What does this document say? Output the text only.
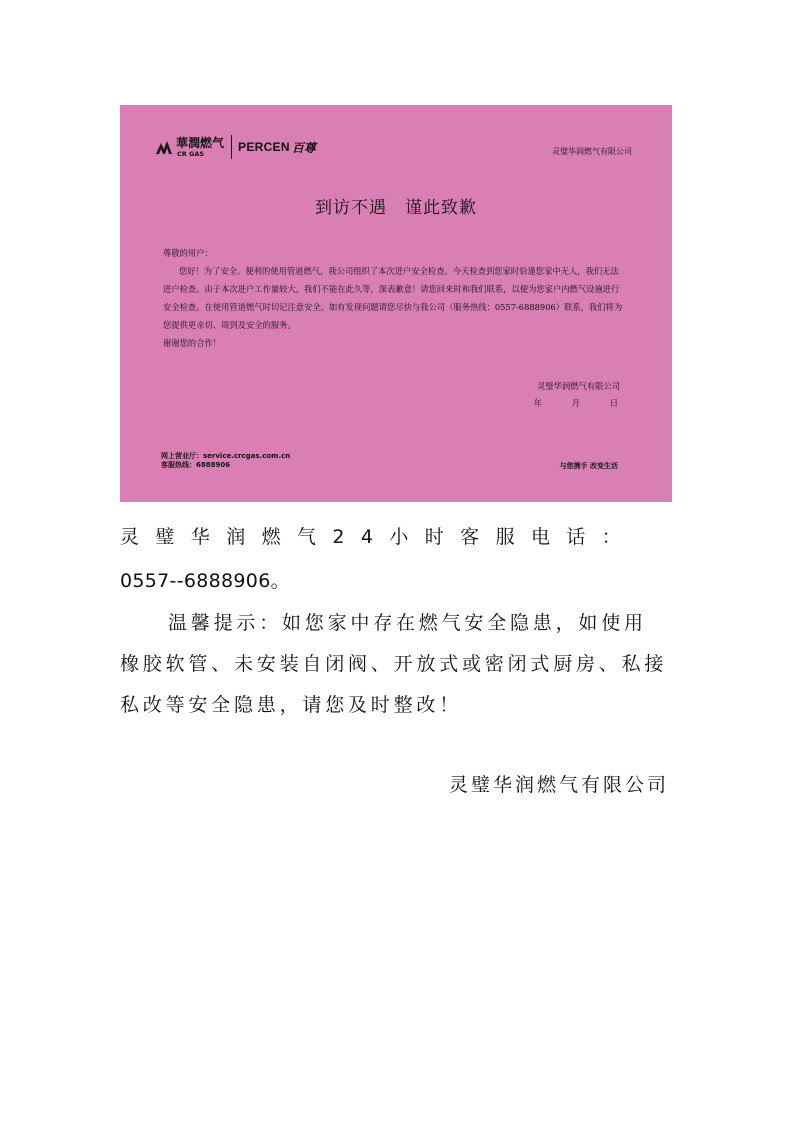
華潤燃气
CR GAS	PERCEN 百尊	灵璧华润燃气有限公司
到访不遇　谨此致歉

尊敬的用户：

您好！为了安全、便利的使用管道燃气，我公司组织了本次进户安全检查。今天检查到您家时恰逢您家中无人，我们无法进户检查。由于本次进户工作量较大，我们不能在此久等，深表歉意！请您回来时和我们联系，以便为您家户内燃气设施进行安全检查。在使用管道燃气时切记注意安全。如有发现问题请您尽快与我公司（服务热线：0557-6888906）联系，我们将为您提供更亲切、周到及安全的服务。

谢谢您的合作！

灵璧华润燃气有限公司
年	月	日
网上营业厅：service.crcgas.com.cn
客服热线：6888906	与您携手 改变生活
灵璧华润燃气24小时客服电话：
0557--6888906。
温馨提示：如您家中存在燃气安全隐患，如使用橡胶软管、未安装自闭阀、开放式或密闭式厨房、私接私改等安全隐患，请您及时整改！
灵璧华润燃气有限公司
